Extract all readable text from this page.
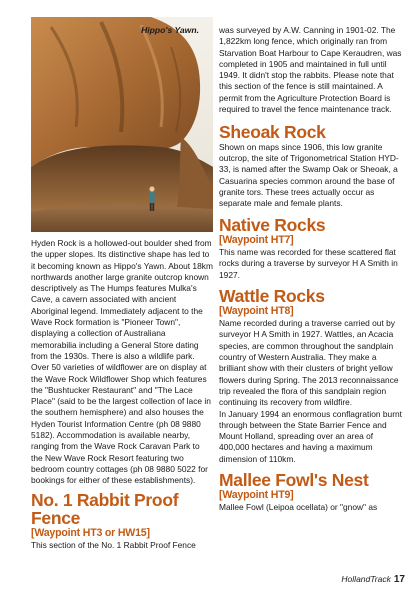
Hippo's Yawn.

Hyden Rock is a hollowed-out boulder shed from the upper slopes. Its distinctive shape has led to it becoming known as Hippo's Yawn. About 18km northwards another large granite outcrop known descriptively as The Humps features Mulka's Cave, a cavern associated with ancient Aboriginal legend. Immediately adjacent to the Wave Rock formation is "Pioneer Town", displaying a collection of Australiana memorabilia including a General Store dating from the 1930s. There is also a wildlife park. Over 50 varieties of wildflower are on display at the Wave Rock Wildflower Shop which features the "Bushtucker Restaurant" and "The Lace Place" (said to be the largest collection of lace in the southern hemisphere) and also houses the Hyden Tourist Information Centre (ph 08 9880 5182). Accommodation is available nearby, ranging from the Wave Rock Caravan Park to the New Wave Rock Resort featuring two bedroom country cottages (ph 08 9880 5022 for bookings for either of these establishments).

No. 1 Rabbit Proof Fence
[Waypoint HT3 or HW15]

This section of the No. 1 Rabbit Proof Fence

was surveyed by A.W. Canning in 1901-02. The 1,822km long fence, which originally ran from Starvation Boat Harbour to Cape Keraudren, was completed in 1905 and maintained in full until 1949. It didn't stop the rabbits. Please note that this section of the fence is still maintained. A permit from the Agriculture Protection Board is required to travel the fence maintenance track.

Sheoak Rock

Shown on maps since 1906, this low granite outcrop, the site of Trigonometrical Station HYD-33, is named after the Swamp Oak or Sheoak, a Casuarina species common around the base of granite tors. These trees actually occur as separate male and female plants.

Native Rocks
[Waypoint HT7]

This name was recorded for these scattered flat rocks during a traverse by surveyor H A Smith in 1927.

Wattle Rocks
[Waypoint HT8]

Name recorded during a traverse carried out by surveyor H A Smith in 1927. Wattles, an Acacia species, are common throughout the sandplain country of Western Australia. They make a brilliant show with their clusters of bright yellow flowers during Spring. The 2013 reconnaissance trip revealed the flora of this sandplain region continuing its recovery from wildfire.

In January 1994 an enormous conflagration burnt through between the State Barrier Fence and Mount Holland, spreading over an area of 400,000 hectares and having a maximum dimension of 110km.

Mallee Fowl's Nest
[Waypoint HT9]

Mallee Fowl (Leipoa ocellata) or "gnow" as

HollandTrack 17
